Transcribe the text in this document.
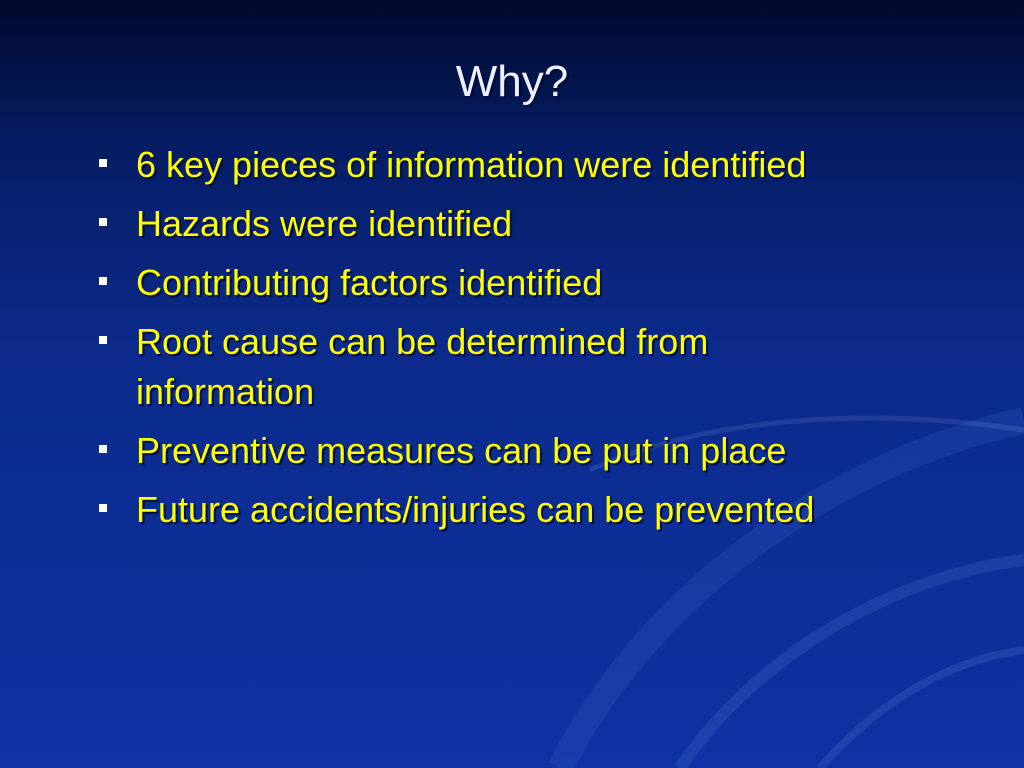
Why?
6 key pieces of information were identified
Hazards were identified
Contributing factors identified
Root cause can be determined from information
Preventive measures can be put in place
Future accidents/injuries can be prevented
